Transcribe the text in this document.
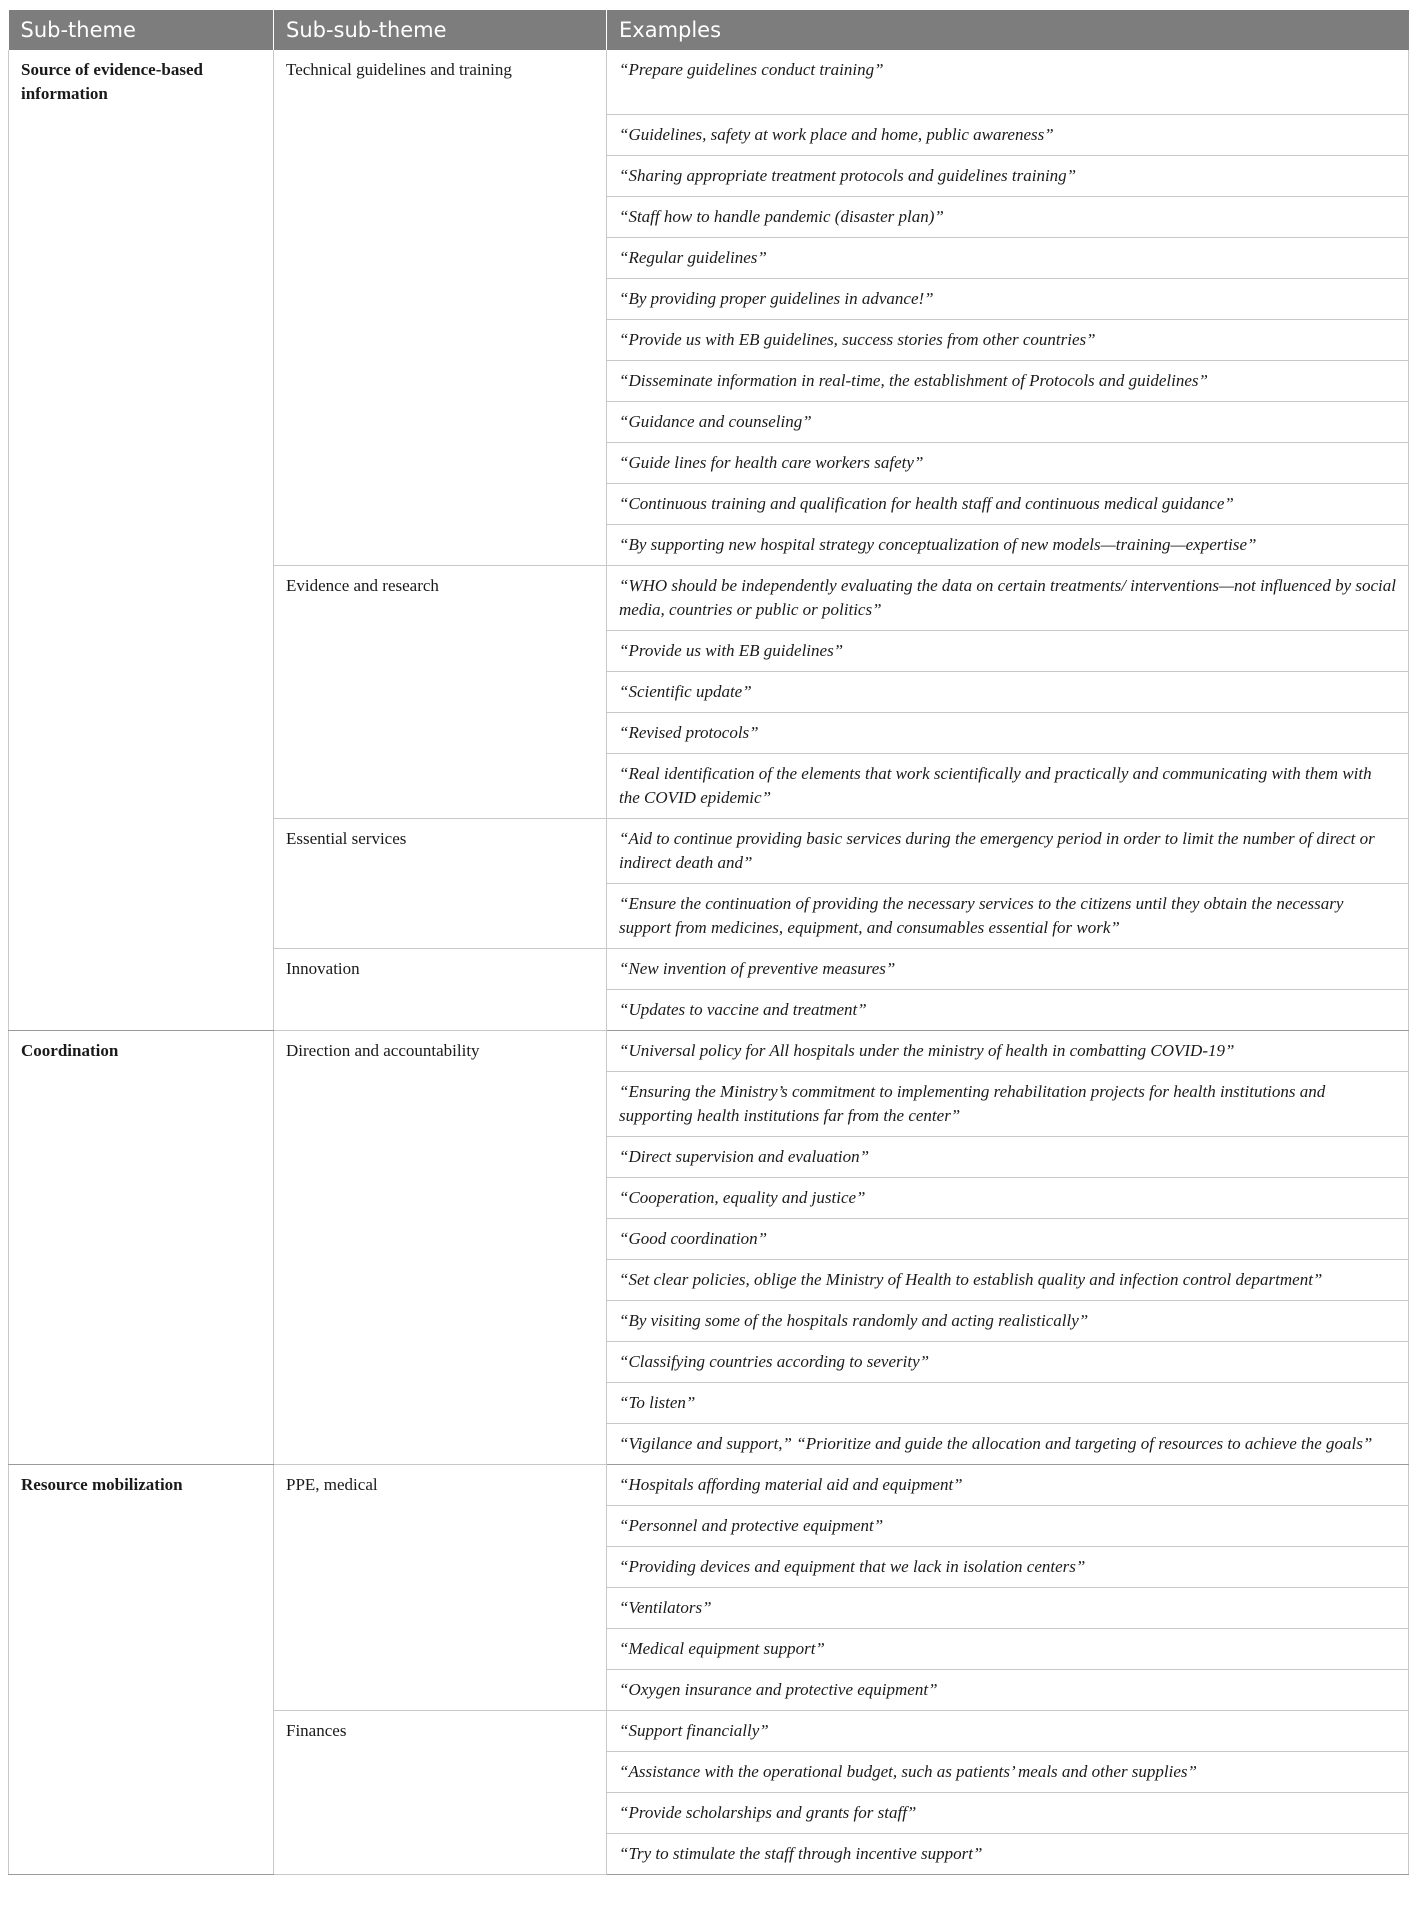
Sub-theme	Sub-sub-theme	Examples
Source of evidence-based information	Technical guidelines and training	“Prepare guidelines conduct training”
		“Guidelines, safety at work place and home, public awareness”
		“Sharing appropriate treatment protocols and guidelines training”
		“Staff how to handle pandemic (disaster plan)”
		“Regular guidelines”
		“By providing proper guidelines in advance!”
		“Provide us with EB guidelines, success stories from other countries”
		“Disseminate information in real-time, the establishment of Protocols and guidelines”
		“Guidance and counseling”
		“Guide lines for health care workers safety”
		“Continuous training and qualification for health staff and continuous medical guidance”
		“By supporting new hospital strategy conceptualization of new models—training—expertise”
	Evidence and research	“WHO should be independently evaluating the data on certain treatments/ interventions—not influenced by social media, countries or public or politics”
		“Provide us with EB guidelines”
		“Scientific update”
		“Revised protocols”
		“Real identification of the elements that work scientifically and practically and communicating with them with the COVID epidemic”
	Essential services	“Aid to continue providing basic services during the emergency period in order to limit the number of direct or indirect death and”
		“Ensure the continuation of providing the necessary services to the citizens until they obtain the necessary support from medicines, equipment, and consumables essential for work”
	Innovation	“New invention of preventive measures”
		“Updates to vaccine and treatment”
Coordination	Direction and accountability	“Universal policy for All hospitals under the ministry of health in combatting COVID-19”
		“Ensuring the Ministry’s commitment to implementing rehabilitation projects for health institutions and supporting health institutions far from the center”
		“Direct supervision and evaluation”
		“Cooperation, equality and justice”
		“Good coordination”
		“Set clear policies, oblige the Ministry of Health to establish quality and infection control department”
		“By visiting some of the hospitals randomly and acting realistically”
		“Classifying countries according to severity”
		“To listen”
		“Vigilance and support,” “Prioritize and guide the allocation and targeting of resources to achieve the goals”
Resource mobilization	PPE, medical	“Hospitals affording material aid and equipment”
		“Personnel and protective equipment”
		“Providing devices and equipment that we lack in isolation centers”
		“Ventilators”
		“Medical equipment support”
		“Oxygen insurance and protective equipment”
	Finances	“Support financially”
		“Assistance with the operational budget, such as patients’ meals and other supplies”
		“Provide scholarships and grants for staff”
		“Try to stimulate the staff through incentive support”
